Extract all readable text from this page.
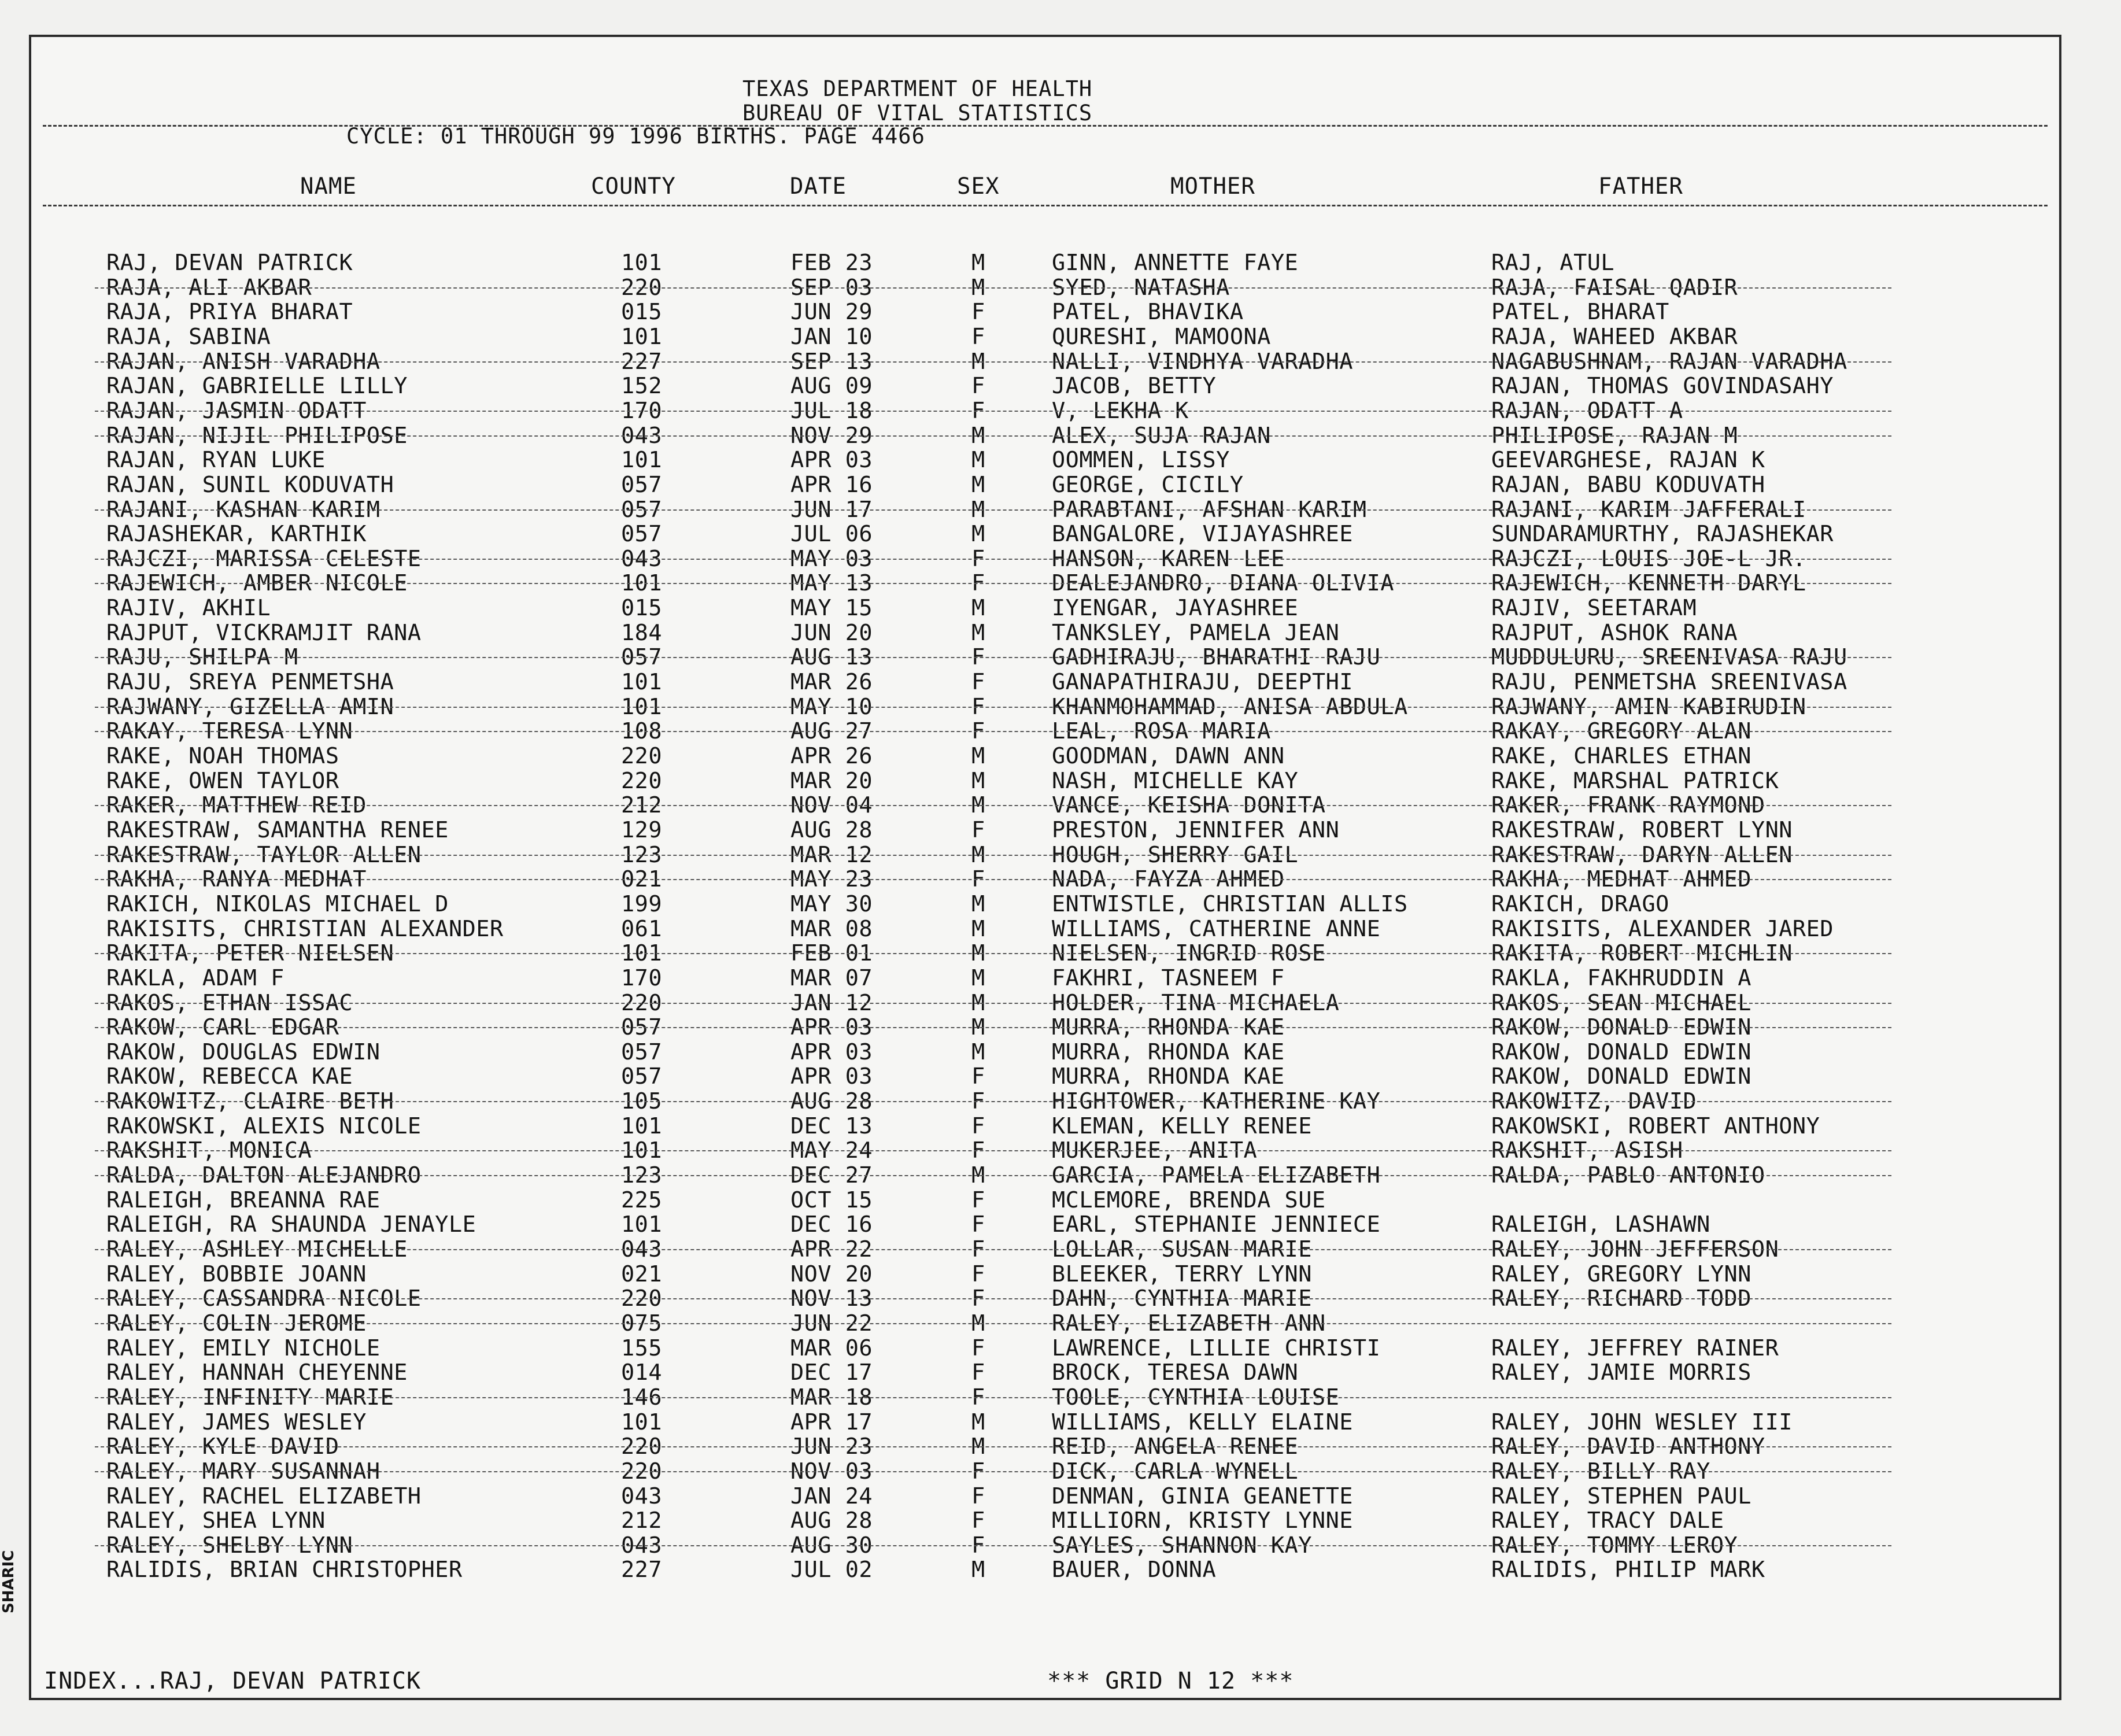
TEXAS DEPARTMENT OF HEALTH
BUREAU OF VITAL STATISTICS
CYCLE: 01 THROUGH 99 1996 BIRTHS. PAGE 4466
NAME	COUNTY	DATE	SEX	MOTHER	FATHER
RAJ, DEVAN PATRICK	101	FEB 23	M	GINN, ANNETTE FAYE	RAJ, ATUL
RAJA, ALI AKBAR	220	SEP 03	M	SYED, NATASHA	RAJA, FAISAL QADIR
RAJA, PRIYA BHARAT	015	JUN 29	F	PATEL, BHAVIKA	PATEL, BHARAT
RAJA, SABINA	101	JAN 10	F	QURESHI, MAMOONA	RAJA, WAHEED AKBAR
RAJAN, ANISH VARADHA	227	SEP 13	M	NALLI, VINDHYA VARADHA	NAGABUSHNAM, RAJAN VARADHA
RAJAN, GABRIELLE LILLY	152	AUG 09	F	JACOB, BETTY	RAJAN, THOMAS GOVINDASAHY
RAJAN, JASMIN ODATT	170	JUL 18	F	V, LEKHA K	RAJAN, ODATT A
RAJAN, NIJIL PHILIPOSE	043	NOV 29	M	ALEX, SUJA RAJAN	PHILIPOSE, RAJAN M
RAJAN, RYAN LUKE	101	APR 03	M	OOMMEN, LISSY	GEEVARGHESE, RAJAN K
RAJAN, SUNIL KODUVATH	057	APR 16	M	GEORGE, CICILY	RAJAN, BABU KODUVATH
RAJANI, KASHAN KARIM	057	JUN 17	M	PARABTANI, AFSHAN KARIM	RAJANI, KARIM JAFFERALI
RAJASHEKAR, KARTHIK	057	JUL 06	M	BANGALORE, VIJAYASHREE	SUNDARAMURTHY, RAJASHEKAR
RAJCZI, MARISSA CELESTE	043	MAY 03	F	HANSON, KAREN LEE	RAJCZI, LOUIS JOE-L JR.
RAJEWICH, AMBER NICOLE	101	MAY 13	F	DEALEJANDRO, DIANA OLIVIA	RAJEWICH, KENNETH DARYL
RAJIV, AKHIL	015	MAY 15	M	IYENGAR, JAYASHREE	RAJIV, SEETARAM
RAJPUT, VICKRAMJIT RANA	184	JUN 20	M	TANKSLEY, PAMELA JEAN	RAJPUT, ASHOK RANA
RAJU, SHILPA M	057	AUG 13	F	GADHIRAJU, BHARATHI RAJU	MUDDULURU, SREENIVASA RAJU
RAJU, SREYA PENMETSHA	101	MAR 26	F	GANAPATHIRAJU, DEEPTHI	RAJU, PENMETSHA SREENIVASA
RAJWANY, GIZELLA AMIN	101	MAY 10	F	KHANMOHAMMAD, ANISA ABDULA	RAJWANY, AMIN KABIRUDIN
RAKAY, TERESA LYNN	108	AUG 27	F	LEAL, ROSA MARIA	RAKAY, GREGORY ALAN
RAKE, NOAH THOMAS	220	APR 26	M	GOODMAN, DAWN ANN	RAKE, CHARLES ETHAN
RAKE, OWEN TAYLOR	220	MAR 20	M	NASH, MICHELLE KAY	RAKE, MARSHAL PATRICK
RAKER, MATTHEW REID	212	NOV 04	M	VANCE, KEISHA DONITA	RAKER, FRANK RAYMOND
RAKESTRAW, SAMANTHA RENEE	129	AUG 28	F	PRESTON, JENNIFER ANN	RAKESTRAW, ROBERT LYNN
RAKESTRAW, TAYLOR ALLEN	123	MAR 12	M	HOUGH, SHERRY GAIL	RAKESTRAW, DARYN ALLEN
RAKHA, RANYA MEDHAT	021	MAY 23	F	NADA, FAYZA AHMED	RAKHA, MEDHAT AHMED
RAKICH, NIKOLAS MICHAEL D	199	MAY 30	M	ENTWISTLE, CHRISTIAN ALLIS	RAKICH, DRAGO
RAKISITS, CHRISTIAN ALEXANDER	061	MAR 08	M	WILLIAMS, CATHERINE ANNE	RAKISITS, ALEXANDER JARED
RAKITA, PETER NIELSEN	101	FEB 01	M	NIELSEN, INGRID ROSE	RAKITA, ROBERT MICHLIN
RAKLA, ADAM F	170	MAR 07	M	FAKHRI, TASNEEM F	RAKLA, FAKHRUDDIN A
RAKOS, ETHAN ISSAC	220	JAN 12	M	HOLDER, TINA MICHAELA	RAKOS, SEAN MICHAEL
RAKOW, CARL EDGAR	057	APR 03	M	MURRA, RHONDA KAE	RAKOW, DONALD EDWIN
RAKOW, DOUGLAS EDWIN	057	APR 03	M	MURRA, RHONDA KAE	RAKOW, DONALD EDWIN
RAKOW, REBECCA KAE	057	APR 03	F	MURRA, RHONDA KAE	RAKOW, DONALD EDWIN
RAKOWITZ, CLAIRE BETH	105	AUG 28	F	HIGHTOWER, KATHERINE KAY	RAKOWITZ, DAVID
RAKOWSKI, ALEXIS NICOLE	101	DEC 13	F	KLEMAN, KELLY RENEE	RAKOWSKI, ROBERT ANTHONY
RAKSHIT, MONICA	101	MAY 24	F	MUKERJEE, ANITA	RAKSHIT, ASISH
RALDA, DALTON ALEJANDRO	123	DEC 27	M	GARCIA, PAMELA ELIZABETH	RALDA, PABLO ANTONIO
RALEIGH, BREANNA RAE	225	OCT 15	F	MCLEMORE, BRENDA SUE
RALEIGH, RA SHAUNDA JENAYLE	101	DEC 16	F	EARL, STEPHANIE JENNIECE	RALEIGH, LASHAWN
RALEY, ASHLEY MICHELLE	043	APR 22	F	LOLLAR, SUSAN MARIE	RALEY, JOHN JEFFERSON
RALEY, BOBBIE JOANN	021	NOV 20	F	BLEEKER, TERRY LYNN	RALEY, GREGORY LYNN
RALEY, CASSANDRA NICOLE	220	NOV 13	F	DAHN, CYNTHIA MARIE	RALEY, RICHARD TODD
RALEY, COLIN JEROME	075	JUN 22	M	RALEY, ELIZABETH ANN
RALEY, EMILY NICHOLE	155	MAR 06	F	LAWRENCE, LILLIE CHRISTI	RALEY, JEFFREY RAINER
RALEY, HANNAH CHEYENNE	014	DEC 17	F	BROCK, TERESA DAWN	RALEY, JAMIE MORRIS
RALEY, INFINITY MARIE	146	MAR 18	F	TOOLE, CYNTHIA LOUISE
RALEY, JAMES WESLEY	101	APR 17	M	WILLIAMS, KELLY ELAINE	RALEY, JOHN WESLEY III
RALEY, KYLE DAVID	220	JUN 23	M	REID, ANGELA RENEE	RALEY, DAVID ANTHONY
RALEY, MARY SUSANNAH	220	NOV 03	F	DICK, CARLA WYNELL	RALEY, BILLY RAY
RALEY, RACHEL ELIZABETH	043	JAN 24	F	DENMAN, GINIA GEANETTE	RALEY, STEPHEN PAUL
RALEY, SHEA LYNN	212	AUG 28	F	MILLIORN, KRISTY LYNNE	RALEY, TRACY DALE
RALEY, SHELBY LYNN	043	AUG 30	F	SAYLES, SHANNON KAY	RALEY, TOMMY LEROY
RALIDIS, BRIAN CHRISTOPHER	227	JUL 02	M	BAUER, DONNA	RALIDIS, PHILIP MARK
INDEX...RAJ, DEVAN PATRICK	*** GRID N 12 ***
SHARIC
